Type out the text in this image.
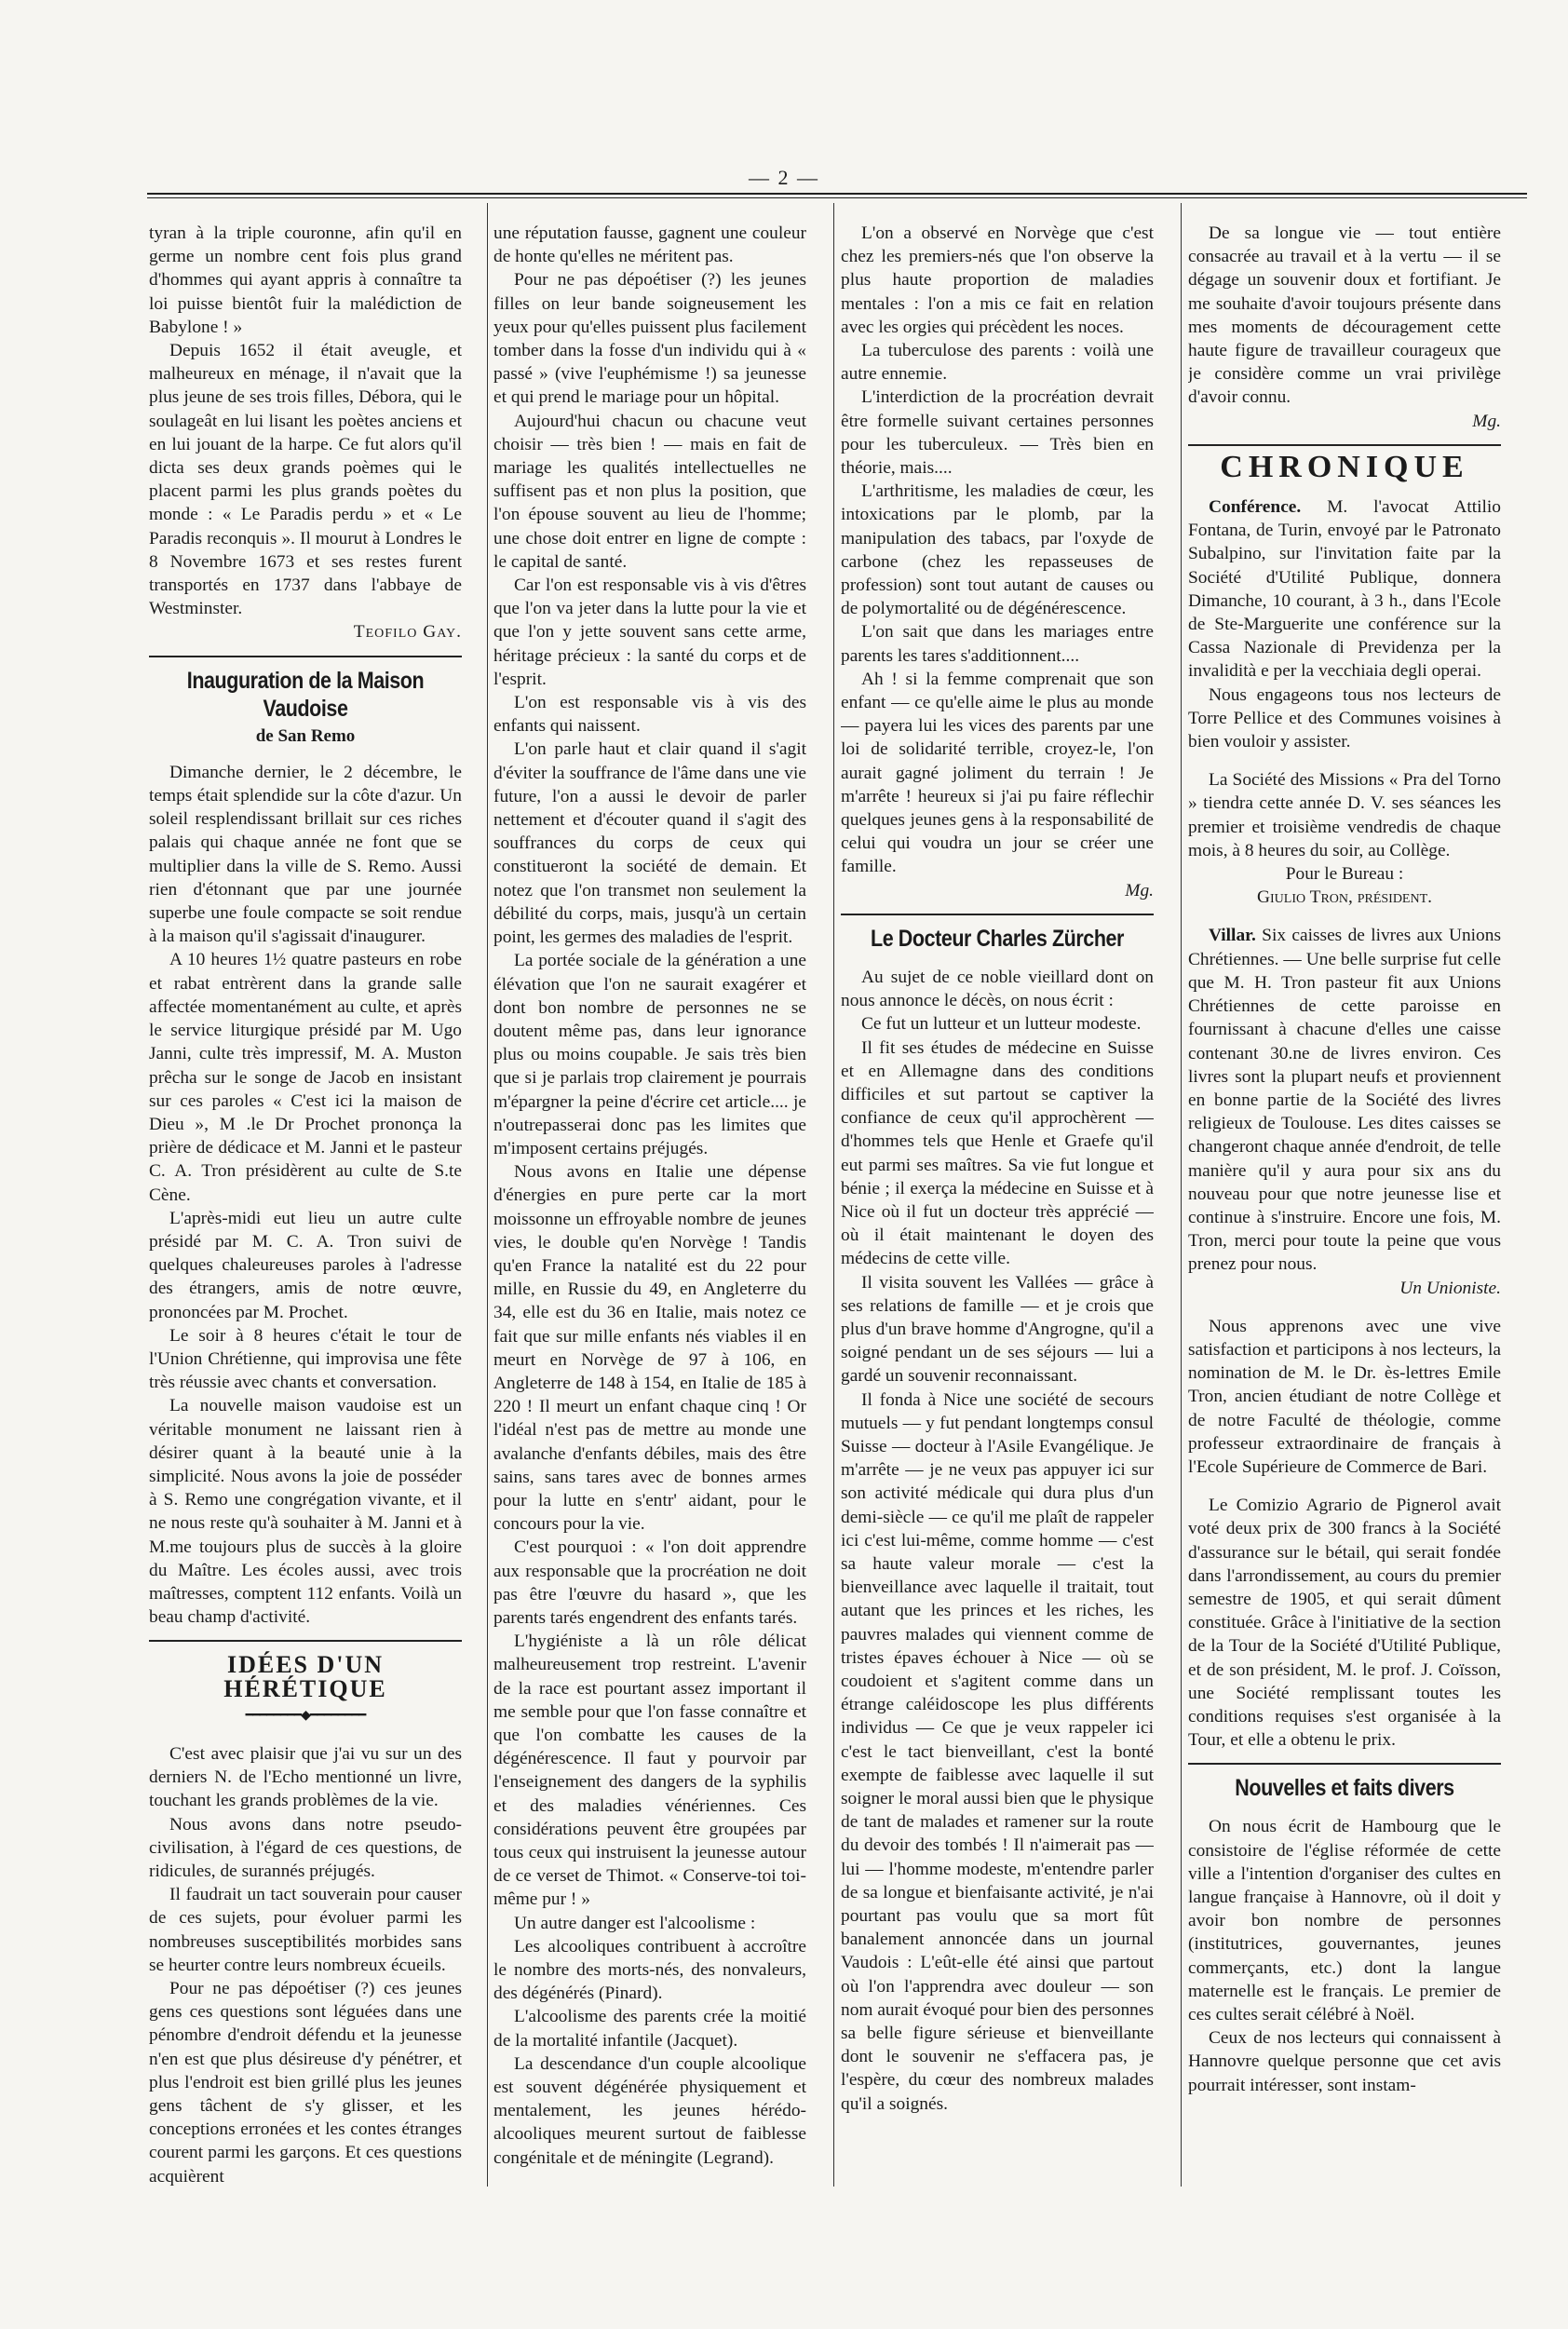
— 2 —

tyran à la triple couronne, afin qu'il en germe un nombre cent fois plus grand d'hommes qui ayant appris à connaître ta loi puisse bientôt fuir la malédiction de Babylone ! »

Depuis 1652 il était aveugle, et malheureux en ménage, il n'avait que la plus jeune de ses trois filles, Débora, qui le soulageât en lui lisant les poètes anciens et en lui jouant de la harpe. Ce fut alors qu'il dicta ses deux grands poèmes qui le placent parmi les plus grands poètes du monde : « Le Paradis perdu » et « Le Paradis reconquis ». Il mourut à Londres le 8 Novembre 1673 et ses restes furent transportés en 1737 dans l'abbaye de Westminster.

Teofilo Gay.

Inauguration de la Maison Vaudoise
de San Remo

Dimanche dernier, le 2 décembre, le temps était splendide sur la côte d'azur. Un soleil resplendissant brillait sur ces riches palais qui chaque année ne font que se multiplier dans la ville de S. Remo. Aussi rien d'étonnant que par une journée superbe une foule compacte se soit rendue à la maison qu'il s'agissait d'inaugurer.

A 10 heures 1½ quatre pasteurs en robe et rabat entrèrent dans la grande salle affectée momentanément au culte, et après le service liturgique présidé par M. Ugo Janni, culte très impressif, M. A. Muston prêcha sur le songe de Jacob en insistant sur ces paroles « C'est ici la maison de Dieu », M .le Dr Prochet prononça la prière de dédicace et M. Janni et le pasteur C. A. Tron présidèrent au culte de S.te Cène.

L'après-midi eut lieu un autre culte présidé par M. C. A. Tron suivi de quelques chaleureuses paroles à l'adresse des étrangers, amis de notre œuvre, prononcées par M. Prochet.

Le soir à 8 heures c'était le tour de l'Union Chrétienne, qui improvisa une fête très réussie avec chants et conversation.

La nouvelle maison vaudoise est un véritable monument ne laissant rien à désirer quant à la beauté unie à la simplicité. Nous avons la joie de posséder à S. Remo une congrégation vivante, et il ne nous reste qu'à souhaiter à M. Janni et à M.me toujours plus de succès à la gloire du Maître. Les écoles aussi, avec trois maîtresses, comptent 112 enfants. Voilà un beau champ d'activité.

IDÉES D'UN HÉRÉTIQUE
━━━━━━━━◆━━━━━━━━

C'est avec plaisir que j'ai vu sur un des derniers N. de l'Echo mentionné un livre, touchant les grands problèmes de la vie.

Nous avons dans notre pseudo-civilisation, à l'égard de ces questions, de ridicules, de surannés préjugés.

Il faudrait un tact souverain pour causer de ces sujets, pour évoluer parmi les nombreuses susceptibilités morbides sans se heurter contre leurs nombreux écueils.

Pour ne pas dépoétiser (?) ces jeunes gens ces questions sont léguées dans une pénombre d'endroit défendu et la jeunesse n'en est que plus désireuse d'y pénétrer, et plus l'endroit est bien grillé plus les jeunes gens tâchent de s'y glisser, et les conceptions erronées et les contes étranges courent parmi les garçons. Et ces questions acquièrent

une réputation fausse, gagnent une couleur de honte qu'elles ne méritent pas.

Pour ne pas dépoétiser (?) les jeunes filles on leur bande soigneusement les yeux pour qu'elles puissent plus facilement tomber dans la fosse d'un individu qui à « passé » (vive l'euphémisme !) sa jeunesse et qui prend le mariage pour un hôpital.

Aujourd'hui chacun ou chacune veut choisir — très bien ! — mais en fait de mariage les qualités intellectuelles ne suffisent pas et non plus la position, que l'on épouse souvent au lieu de l'homme; une chose doit entrer en ligne de compte : le capital de santé.

Car l'on est responsable vis à vis d'êtres que l'on va jeter dans la lutte pour la vie et que l'on y jette souvent sans cette arme, héritage précieux : la santé du corps et de l'esprit.

L'on est responsable vis à vis des enfants qui naissent.

L'on parle haut et clair quand il s'agit d'éviter la souffrance de l'âme dans une vie future, l'on a aussi le devoir de parler nettement et d'écouter quand il s'agit des souffrances du corps de ceux qui constitueront la société de demain. Et notez que l'on transmet non seulement la débilité du corps, mais, jusqu'à un certain point, les germes des maladies de l'esprit.

La portée sociale de la génération a une élévation que l'on ne saurait exagérer et dont bon nombre de personnes ne se doutent même pas, dans leur ignorance plus ou moins coupable. Je sais très bien que si je parlais trop clairement je pourrais m'épargner la peine d'écrire cet article.... je n'outrepasserai donc pas les limites que m'imposent certains préjugés.

Nous avons en Italie une dépense d'énergies en pure perte car la mort moissonne un effroyable nombre de jeunes vies, le double qu'en Norvège ! Tandis qu'en France la natalité est du 22 pour mille, en Russie du 49, en Angleterre du 34, elle est du 36 en Italie, mais notez ce fait que sur mille enfants nés viables il en meurt en Norvège de 97 à 106, en Angleterre de 148 à 154, en Italie de 185 à 220 ! Il meurt un enfant chaque cinq ! Or l'idéal n'est pas de mettre au monde une avalanche d'enfants débiles, mais des être sains, sans tares avec de bonnes armes pour la lutte en s'entr' aidant, pour le concours pour la vie.

C'est pourquoi : « l'on doit apprendre aux responsable que la procréation ne doit pas être l'œuvre du hasard », que les parents tarés engendrent des enfants tarés.

L'hygiéniste a là un rôle délicat malheureusement trop restreint. L'avenir de la race est pourtant assez important il me semble pour que l'on fasse connaître et que l'on combatte les causes de la dégénérescence. Il faut y pourvoir par l'enseignement des dangers de la syphilis et des maladies vénériennes. Ces considérations peuvent être groupées par tous ceux qui instruisent la jeunesse autour de ce verset de Thimot. « Conserve-toi toi-même pur ! »

Un autre danger est l'alcoolisme :

Les alcooliques contribuent à accroître le nombre des morts-nés, des nonvaleurs, des dégénérés (Pinard).

L'alcoolisme des parents crée la moitié de la mortalité infantile (Jacquet).

La descendance d'un couple alcoolique est souvent dégénérée physiquement et mentalement, les jeunes hérédo-alcooliques meurent surtout de faiblesse congénitale et de méningite (Legrand).

L'on a observé en Norvège que c'est chez les premiers-nés que l'on observe la plus haute proportion de maladies mentales : l'on a mis ce fait en relation avec les orgies qui précèdent les noces.

La tuberculose des parents : voilà une autre ennemie.

L'interdiction de la procréation devrait être formelle suivant certaines personnes pour les tuberculeux. — Très bien en théorie, mais....

L'arthritisme, les maladies de cœur, les intoxications par le plomb, par la manipulation des tabacs, par l'oxyde de carbone (chez les repasseuses de profession) sont tout autant de causes ou de polymortalité ou de dégénérescence.

L'on sait que dans les mariages entre parents les tares s'additionnent....

Ah ! si la femme comprenait que son enfant — ce qu'elle aime le plus au monde — payera lui les vices des parents par une loi de solidarité terrible, croyez-le, l'on aurait gagné joliment du terrain ! Je m'arrête ! heureux si j'ai pu faire réflechir quelques jeunes gens à la responsabilité de celui qui voudra un jour se créer une famille.

Mg.

Le Docteur Charles Zürcher

Au sujet de ce noble vieillard dont on nous annonce le décès, on nous écrit :

Ce fut un lutteur et un lutteur modeste.

Il fit ses études de médecine en Suisse et en Allemagne dans des conditions difficiles et sut partout se captiver la confiance de ceux qu'il approchèrent — d'hommes tels que Henle et Graefe qu'il eut parmi ses maîtres. Sa vie fut longue et bénie ; il exerça la médecine en Suisse et à Nice où il fut un docteur très apprécié — où il était maintenant le doyen des médecins de cette ville.

Il visita souvent les Vallées — grâce à ses relations de famille — et je crois que plus d'un brave homme d'Angrogne, qu'il a soigné pendant un de ses séjours — lui a gardé un souvenir reconnaissant.

Il fonda à Nice une société de secours mutuels — y fut pendant longtemps consul Suisse — docteur à l'Asile Evangélique. Je m'arrête — je ne veux pas appuyer ici sur son activité médicale qui dura plus d'un demi-siècle — ce qu'il me plaît de rappeler ici c'est lui-même, comme homme — c'est sa haute valeur morale — c'est la bienveillance avec laquelle il traitait, tout autant que les princes et les riches, les pauvres malades qui viennent comme de tristes épaves échouer à Nice — où se coudoient et s'agitent comme dans un étrange caléidoscope les plus différents individus — Ce que je veux rappeler ici c'est le tact bienveillant, c'est la bonté exempte de faiblesse avec laquelle il sut soigner le moral aussi bien que le physique de tant de malades et ramener sur la route du devoir des tombés ! Il n'aimerait pas — lui — l'homme modeste, m'entendre parler de sa longue et bienfaisante activité, je n'ai pourtant pas voulu que sa mort fût banalement annoncée dans un journal Vaudois : L'eût-elle été ainsi que partout où l'on l'apprendra avec douleur — son nom aurait évoqué pour bien des personnes sa belle figure sérieuse et bienveillante dont le souvenir ne s'effacera pas, je l'espère, du cœur des nombreux malades qu'il a soignés.

De sa longue vie — tout entière consacrée au travail et à la vertu — il se dégage un souvenir doux et fortifiant. Je me souhaite d'avoir toujours présente dans mes moments de découragement cette haute figure de travailleur courageux que je considère comme un vrai privilège d'avoir connu.

Mg.

CHRONIQUE

Conférence. M. l'avocat Attilio Fontana, de Turin, envoyé par le Patronato Subalpino, sur l'invitation faite par la Société d'Utilité Publique, donnera Dimanche, 10 courant, à 3 h., dans l'Ecole de Ste-Marguerite une conférence sur la Cassa Nazionale di Previdenza per la invalidità e per la vecchiaia degli operai.

Nous engageons tous nos lecteurs de Torre Pellice et des Communes voisines à bien vouloir y assister.

La Société des Missions « Pra del Torno » tiendra cette année D. V. ses séances les premier et troisième vendredis de chaque mois, à 8 heures du soir, au Collège.

Pour le Bureau :

Giulio Tron, président.

Villar. Six caisses de livres aux Unions Chrétiennes. — Une belle surprise fut celle que M. H. Tron pasteur fit aux Unions Chrétiennes de cette paroisse en fournissant à chacune d'elles une caisse contenant 30.ne de livres environ. Ces livres sont la plupart neufs et proviennent en bonne partie de la Société des livres religieux de Toulouse. Les dites caisses se changeront chaque année d'endroit, de telle manière qu'il y aura pour six ans du nouveau pour que notre jeunesse lise et continue à s'instruire. Encore une fois, M. Tron, merci pour toute la peine que vous prenez pour nous.

Un Unioniste.

Nous apprenons avec une vive satisfaction et participons à nos lecteurs, la nomination de M. le Dr. ès-lettres Emile Tron, ancien étudiant de notre Collège et de notre Faculté de théologie, comme professeur extraordinaire de français à l'Ecole Supérieure de Commerce de Bari.

Le Comizio Agrario de Pignerol avait voté deux prix de 300 francs à la Société d'assurance sur le bétail, qui serait fondée dans l'arrondissement, au cours du premier semestre de 1905, et qui serait dûment constituée. Grâce à l'initiative de la section de la Tour de la Société d'Utilité Publique, et de son président, M. le prof. J. Coïsson, une Société remplissant toutes les conditions requises s'est organisée à la Tour, et elle a obtenu le prix.

Nouvelles et faits divers

On nous écrit de Hambourg que le consistoire de l'église réformée de cette ville a l'intention d'organiser des cultes en langue française à Hannovre, où il doit y avoir bon nombre de personnes (institutrices, gouvernantes, jeunes commerçants, etc.) dont la langue maternelle est le français. Le premier de ces cultes serait célébré à Noël.

Ceux de nos lecteurs qui connaissent à Hannovre quelque personne que cet avis pourrait intéresser, sont instam-
